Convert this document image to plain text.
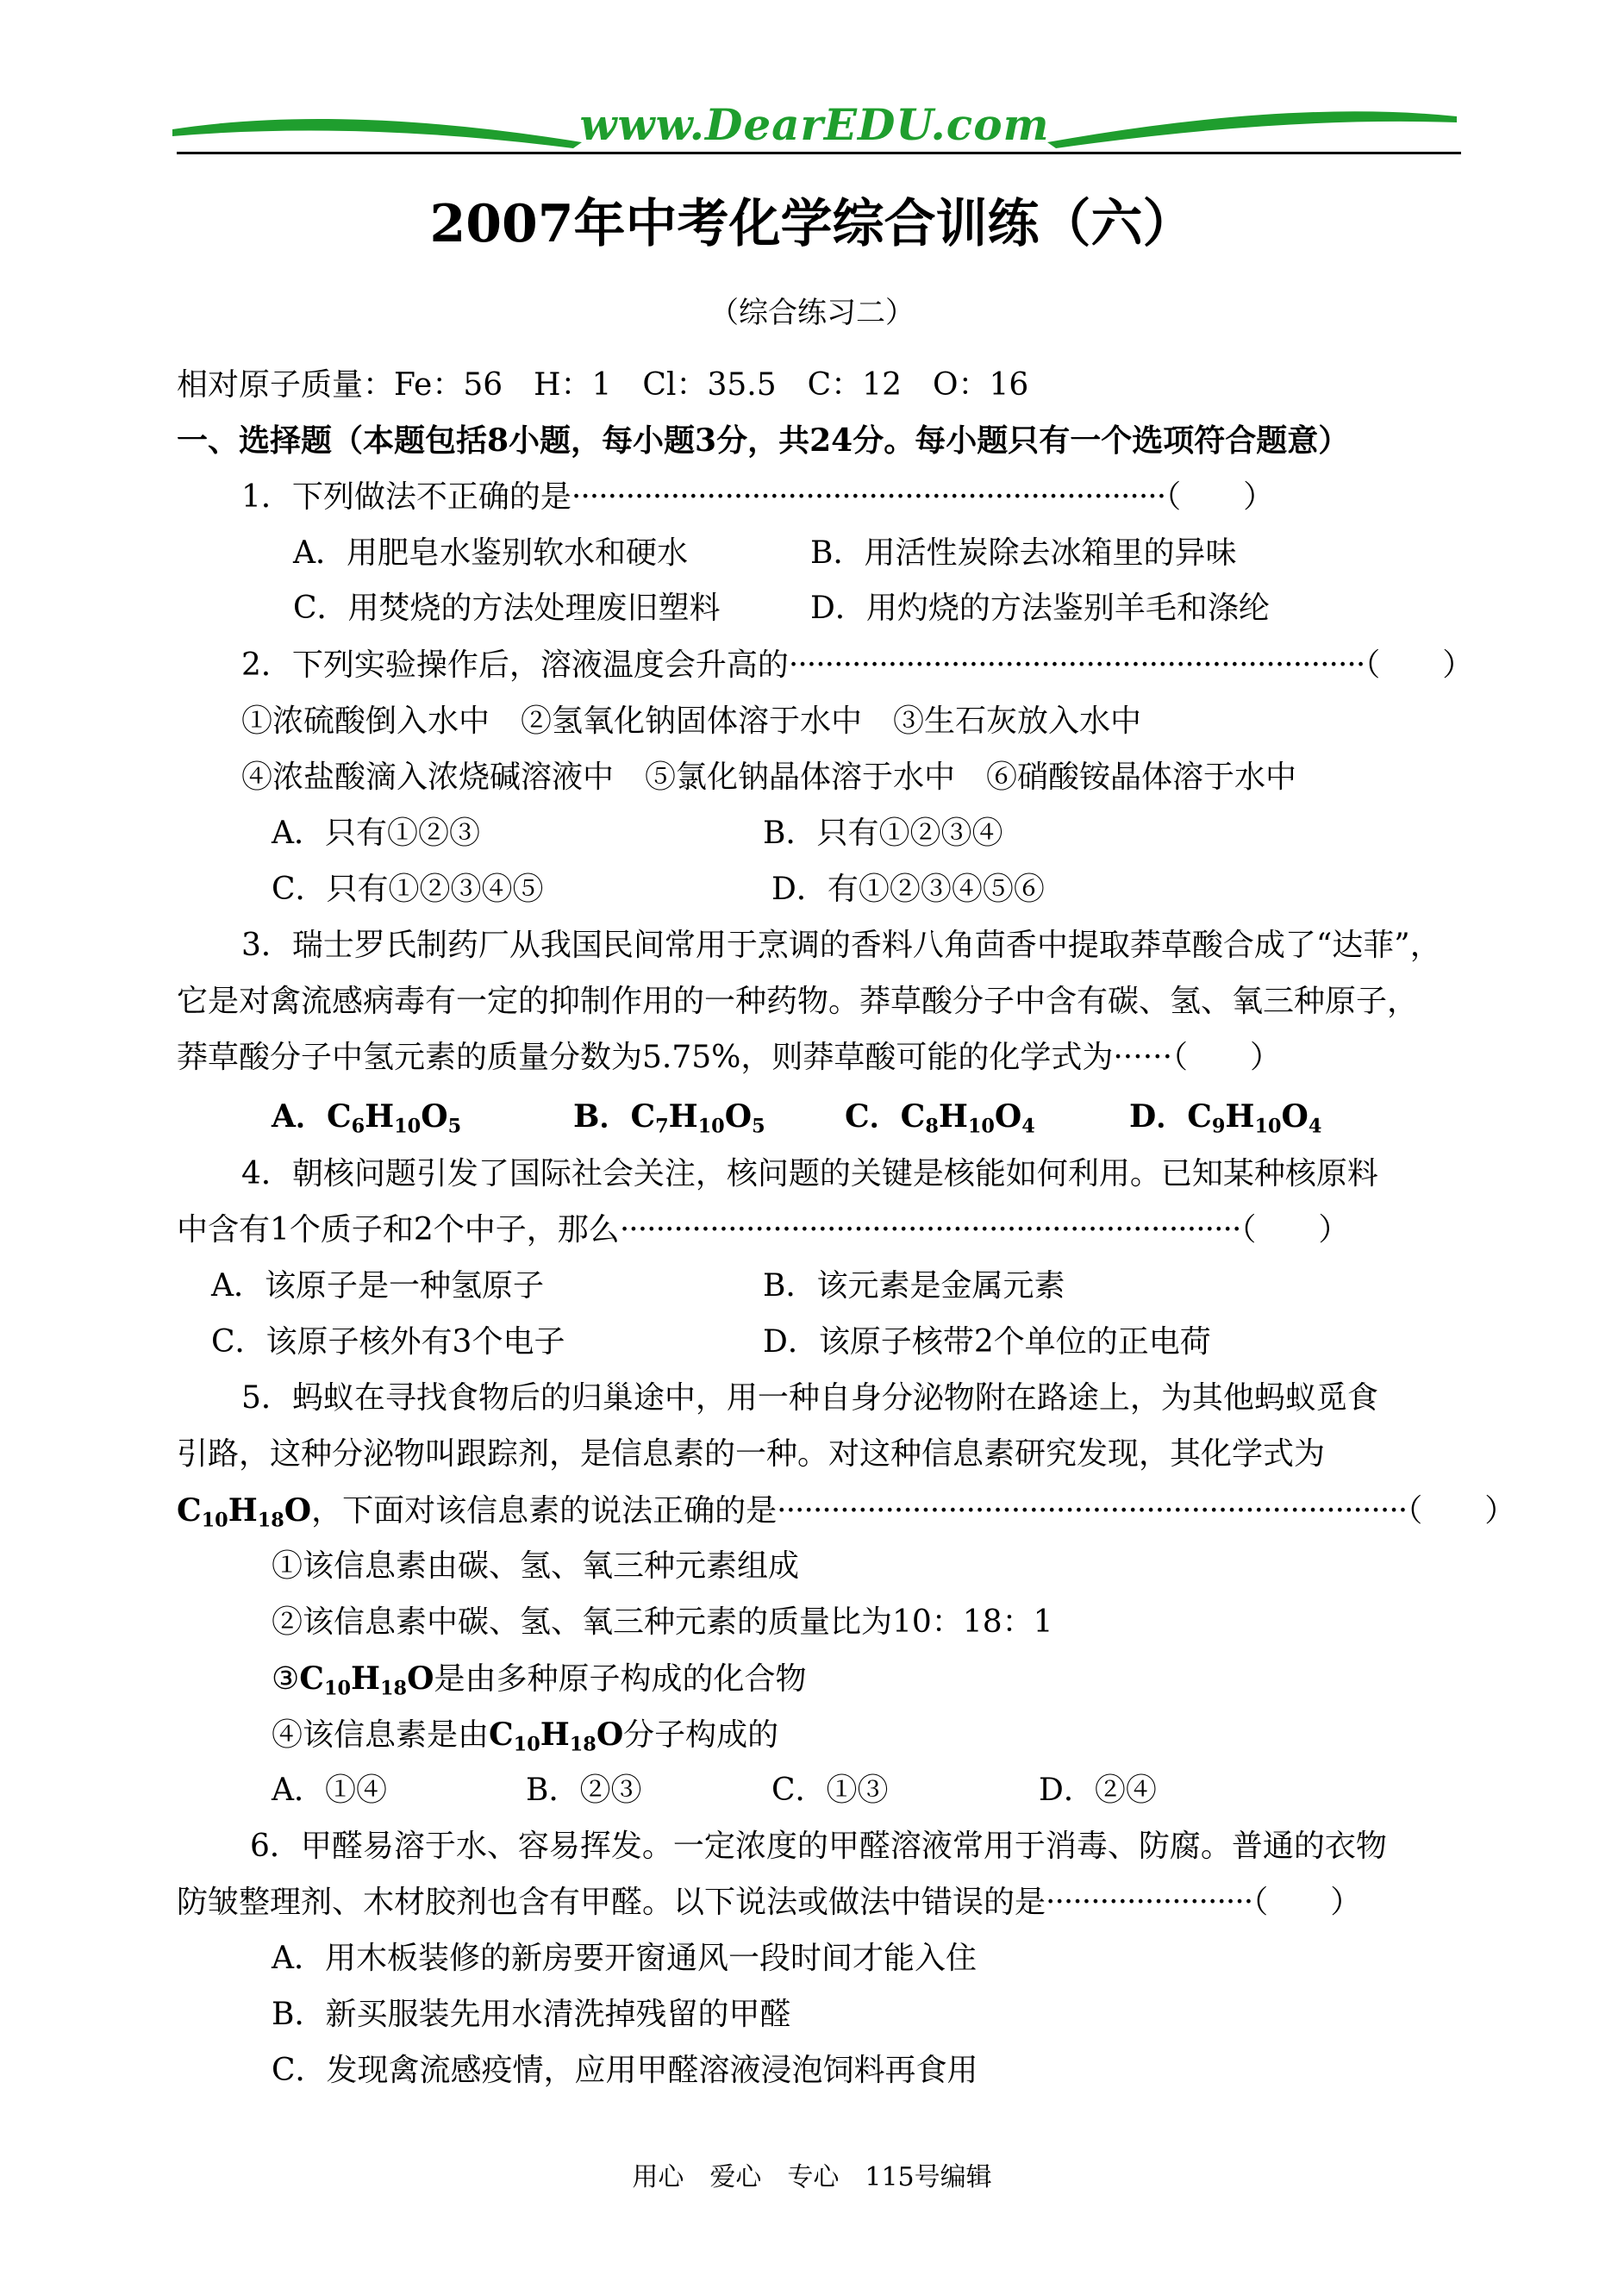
www.DearEDU.com
2007年中考化学综合训练（六）
（综合练习二）
相对原子质量：Fe：56　H：1　Cl：35.5　C：12　O：16
一、选择题（本题包括8小题，每小题3分，共24分。每小题只有一个选项符合题意）
1．下列做法不正确的是··································································（　　）
A．用肥皂水鉴别软水和硬水	B．用活性炭除去冰箱里的异味
C．用焚烧的方法处理废旧塑料	D．用灼烧的方法鉴别羊毛和涤纶
2．下列实验操作后，溶液温度会升高的································································（　　）
①浓硫酸倒入水中　②氢氧化钠固体溶于水中　③生石灰放入水中
④浓盐酸滴入浓烧碱溶液中　⑤氯化钠晶体溶于水中　⑥硝酸铵晶体溶于水中
A．只有①②③	B．只有①②③④
C．只有①②③④⑤	D．有①②③④⑤⑥
3．瑞士罗氏制药厂从我国民间常用于烹调的香料八角茴香中提取莽草酸合成了“达菲”，
它是对禽流感病毒有一定的抑制作用的一种药物。莽草酸分子中含有碳、氢、氧三种原子，
莽草酸分子中氢元素的质量分数为5.75%，则莽草酸可能的化学式为······（　　）
A．$C_6H_{10}O_5$	B．$C_7H_{10}O_5$	C．$C_8H_{10}O_4$	D．$C_9H_{10}O_4$
4．朝核问题引发了国际社会关注，核问题的关键是核能如何利用。已知某种核原料
中含有1个质子和2个中子，那么·····································································（　　）
A．该原子是一种氢原子	B．该元素是金属元素
C．该原子核外有3个电子	D．该原子核带2个单位的正电荷
5．蚂蚁在寻找食物后的归巢途中，用一种自身分泌物附在路途上，为其他蚂蚁觅食
引路，这种分泌物叫跟踪剂，是信息素的一种。对这种信息素研究发现，其化学式为
$C_{10}H_{18}O$，下面对该信息素的说法正确的是······································································（　　）
①该信息素由碳、氢、氧三种元素组成
②该信息素中碳、氢、氧三种元素的质量比为10：18：1
$③C_{10}H_{18}O$是由多种原子构成的化合物
④该信息素是由$C_{10}H_{18}O$分子构成的
A．①④	B．②③	C．①③	D．②④
6．甲醛易溶于水、容易挥发。一定浓度的甲醛溶液常用于消毒、防腐。普通的衣物
防皱整理剂、木材胶剂也含有甲醛。以下说法或做法中错误的是·······················（　　）
A．用木板装修的新房要开窗通风一段时间才能入住
B．新买服装先用水清洗掉残留的甲醛
C．发现禽流感疫情，应用甲醛溶液浸泡饲料再食用
用心　爱心　专心　115号编辑
